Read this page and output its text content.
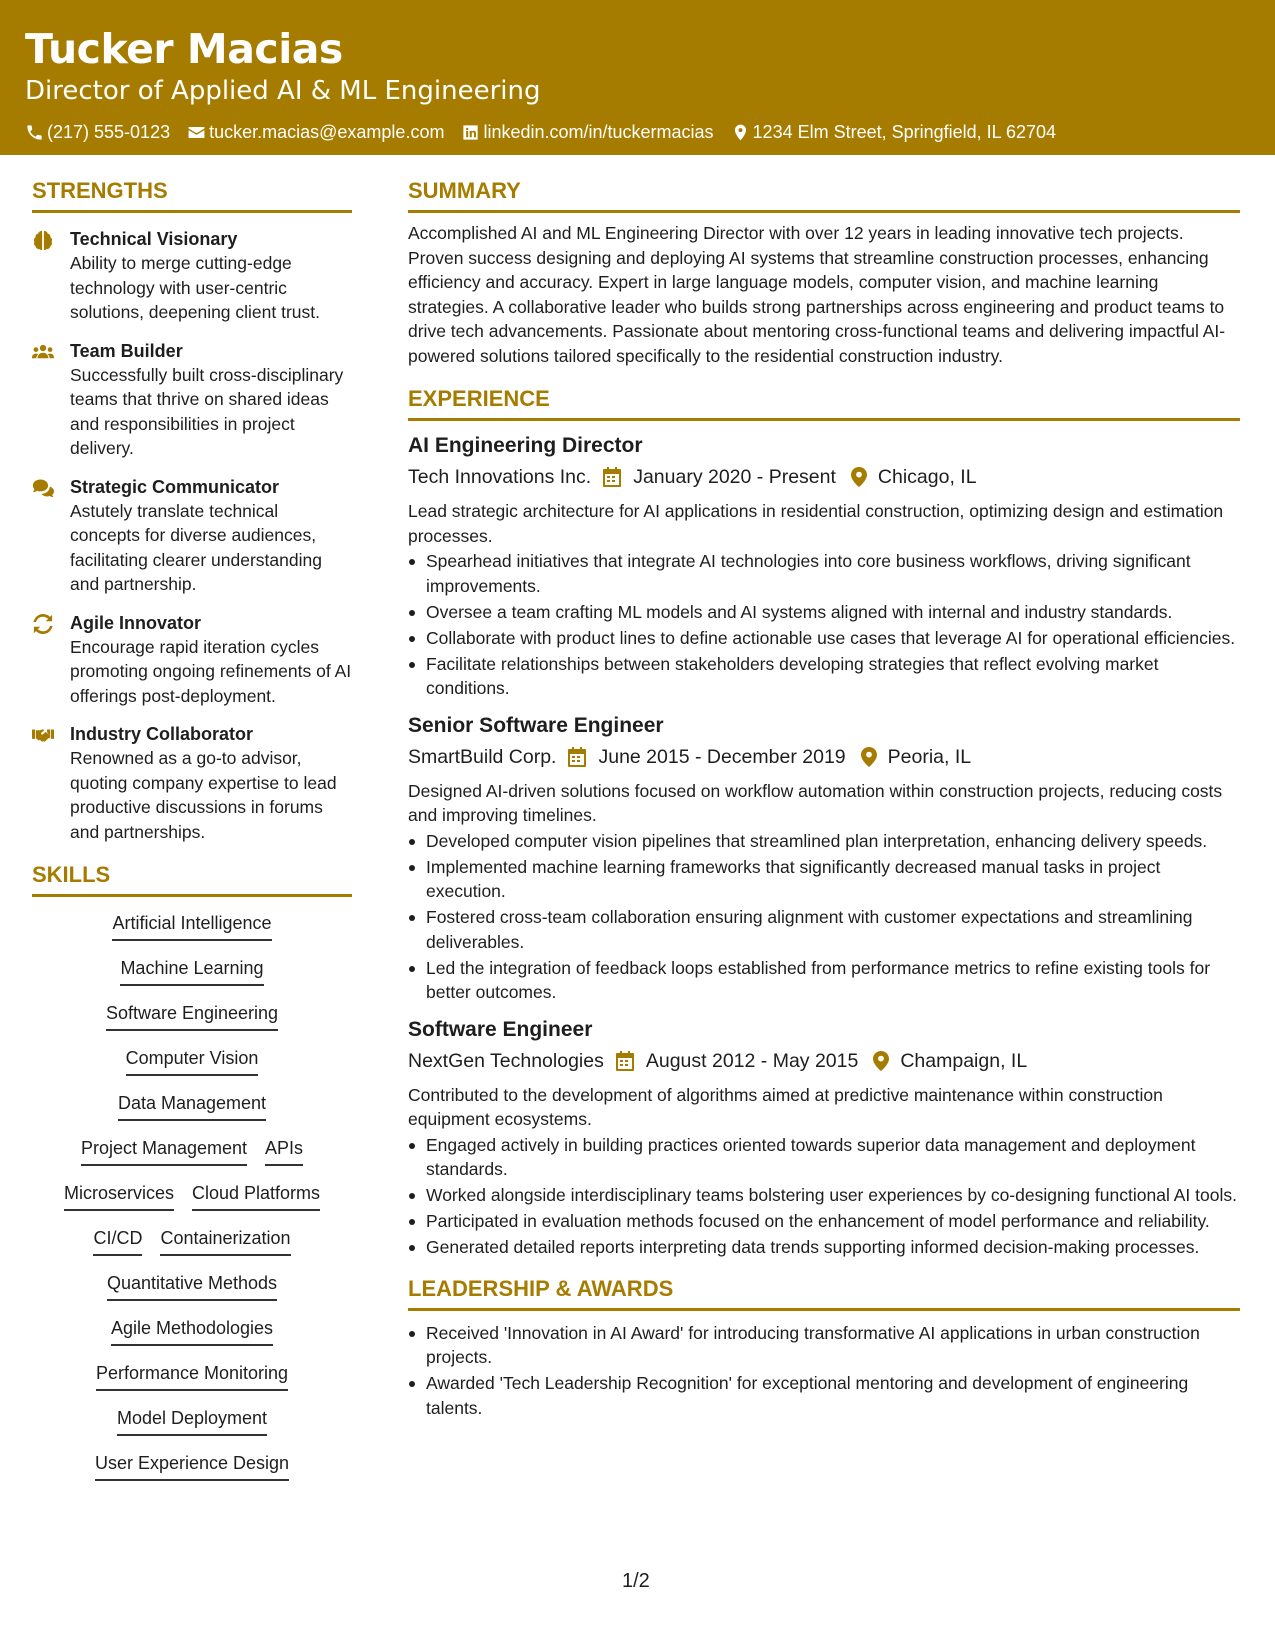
Tucker Macias
Director of Applied AI & ML Engineering
(217) 555-0123 tucker.macias@example.com linkedin.com/in/tuckermacias 1234 Elm Street, Springfield, IL 62704
STRENGTHS
Technical Visionary
Ability to merge cutting-edge technology with user-centric solutions, deepening client trust.
Team Builder
Successfully built cross-disciplinary teams that thrive on shared ideas and responsibilities in project delivery.
Strategic Communicator
Astutely translate technical concepts for diverse audiences, facilitating clearer understanding and partnership.
Agile Innovator
Encourage rapid iteration cycles promoting ongoing refinements of AI offerings post-deployment.
Industry Collaborator
Renowned as a go-to advisor, quoting company expertise to lead productive discussions in forums and partnerships.
SKILLS
Artificial Intelligence
Machine Learning
Software Engineering
Computer Vision
Data Management
Project Management APIs
Microservices Cloud Platforms
CI/CD Containerization
Quantitative Methods
Agile Methodologies
Performance Monitoring
Model Deployment
User Experience Design
SUMMARY
Accomplished AI and ML Engineering Director with over 12 years in leading innovative tech projects. Proven success designing and deploying AI systems that streamline construction processes, enhancing efficiency and accuracy. Expert in large language models, computer vision, and machine learning strategies. A collaborative leader who builds strong partnerships across engineering and product teams to drive tech advancements. Passionate about mentoring cross-functional teams and delivering impactful AI-powered solutions tailored specifically to the residential construction industry.
EXPERIENCE
AI Engineering Director
Tech Innovations Inc. January 2020 - Present Chicago, IL
Lead strategic architecture for AI applications in residential construction, optimizing design and estimation processes.
Spearhead initiatives that integrate AI technologies into core business workflows, driving significant improvements.
Oversee a team crafting ML models and AI systems aligned with internal and industry standards.
Collaborate with product lines to define actionable use cases that leverage AI for operational efficiencies.
Facilitate relationships between stakeholders developing strategies that reflect evolving market conditions.
Senior Software Engineer
SmartBuild Corp. June 2015 - December 2019 Peoria, IL
Designed AI-driven solutions focused on workflow automation within construction projects, reducing costs and improving timelines.
Developed computer vision pipelines that streamlined plan interpretation, enhancing delivery speeds.
Implemented machine learning frameworks that significantly decreased manual tasks in project execution.
Fostered cross-team collaboration ensuring alignment with customer expectations and streamlining deliverables.
Led the integration of feedback loops established from performance metrics to refine existing tools for better outcomes.
Software Engineer
NextGen Technologies August 2012 - May 2015 Champaign, IL
Contributed to the development of algorithms aimed at predictive maintenance within construction equipment ecosystems.
Engaged actively in building practices oriented towards superior data management and deployment standards.
Worked alongside interdisciplinary teams bolstering user experiences by co-designing functional AI tools.
Participated in evaluation methods focused on the enhancement of model performance and reliability.
Generated detailed reports interpreting data trends supporting informed decision-making processes.
LEADERSHIP & AWARDS
Received 'Innovation in AI Award' for introducing transformative AI applications in urban construction projects.
Awarded 'Tech Leadership Recognition' for exceptional mentoring and development of engineering talents.
1/2
